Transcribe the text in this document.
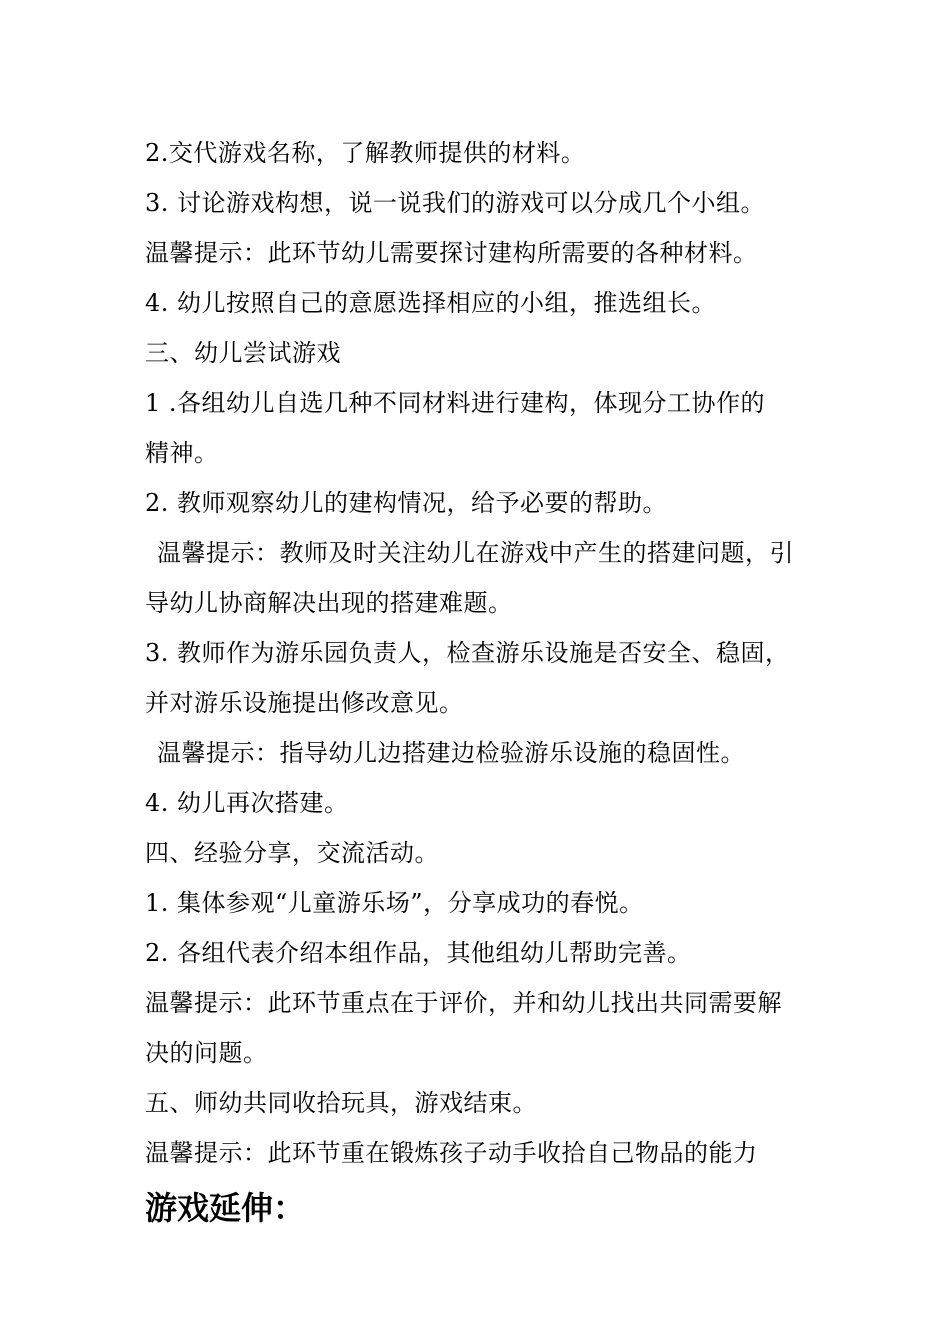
2.交代游戏名称，了解教师提供的材料。
3. 讨论游戏构想，说一说我们的游戏可以分成几个小组。
温馨提示：此环节幼儿需要探讨建构所需要的各种材料。
4. 幼儿按照自己的意愿选择相应的小组，推选组长。
三、幼儿尝试游戏
1 .各组幼儿自选几种不同材料进行建构，体现分工协作的
精神。
2. 教师观察幼儿的建构情况，给予必要的帮助。
温馨提示：教师及时关注幼儿在游戏中产生的搭建问题，引
导幼儿协商解决出现的搭建难题。
3. 教师作为游乐园负责人，检查游乐设施是否安全、稳固，
并对游乐设施提出修改意见。
温馨提示：指导幼儿边搭建边检验游乐设施的稳固性。
4. 幼儿再次搭建。
四、经验分享，交流活动。
1. 集体参观“儿童游乐场”，分享成功的春悦。
2. 各组代表介绍本组作品，其他组幼儿帮助完善。
温馨提示：此环节重点在于评价，并和幼儿找出共同需要解
决的问题。
五、师幼共同收拾玩具，游戏结束。
温馨提示：此环节重在锻炼孩子动手收拾自己物品的能力
游戏延伸：
